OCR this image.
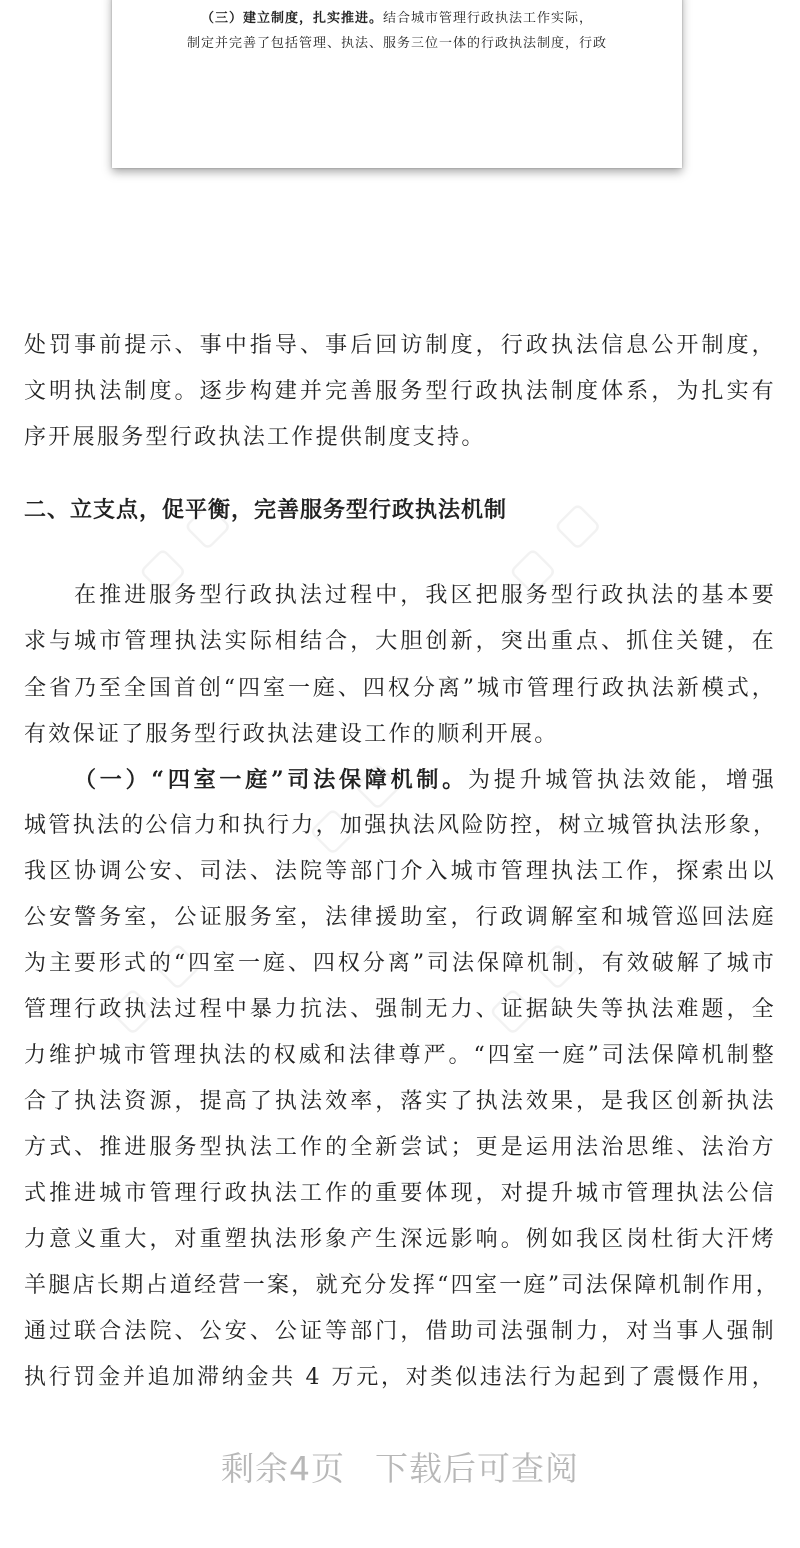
（三）建立制度，扎实推进。结合城市管理行政执法工作实际，
制定并完善了包括管理、执法、服务三位一体的行政执法制度，行政
▢ ▢	▢ ▢
▢ ▢
▢ ▢	▢ ▢
处罚事前提示、事中指导、事后回访制度，行政执法信息公开制度，
文明执法制度。逐步构建并完善服务型行政执法制度体系，为扎实有
序开展服务型行政执法工作提供制度支持。
二、立支点，促平衡，完善服务型行政执法机制
在推进服务型行政执法过程中，我区把服务型行政执法的基本要
求与城市管理执法实际相结合，大胆创新，突出重点、抓住关键，在
全省乃至全国首创“四室一庭、四权分离”城市管理行政执法新模式，
有效保证了服务型行政执法建设工作的顺利开展。
（一）“四室一庭”司法保障机制。为提升城管执法效能，增强
城管执法的公信力和执行力，加强执法风险防控，树立城管执法形象，
我区协调公安、司法、法院等部门介入城市管理执法工作，探索出以
公安警务室，公证服务室，法律援助室，行政调解室和城管巡回法庭
为主要形式的“四室一庭、四权分离”司法保障机制，有效破解了城市
管理行政执法过程中暴力抗法、强制无力、证据缺失等执法难题，全
力维护城市管理执法的权威和法律尊严。“四室一庭”司法保障机制整
合了执法资源，提高了执法效率，落实了执法效果，是我区创新执法
方式、推进服务型执法工作的全新尝试；更是运用法治思维、法治方
式推进城市管理行政执法工作的重要体现，对提升城市管理执法公信
力意义重大，对重塑执法形象产生深远影响。例如我区岗杜街大汗烤
羊腿店长期占道经营一案，就充分发挥“四室一庭”司法保障机制作用，
通过联合法院、公安、公证等部门，借助司法强制力，对当事人强制
执行罚金并追加滞纳金共 4 万元，对类似违法行为起到了震慑作用，
剩余4页 下载后可查阅
